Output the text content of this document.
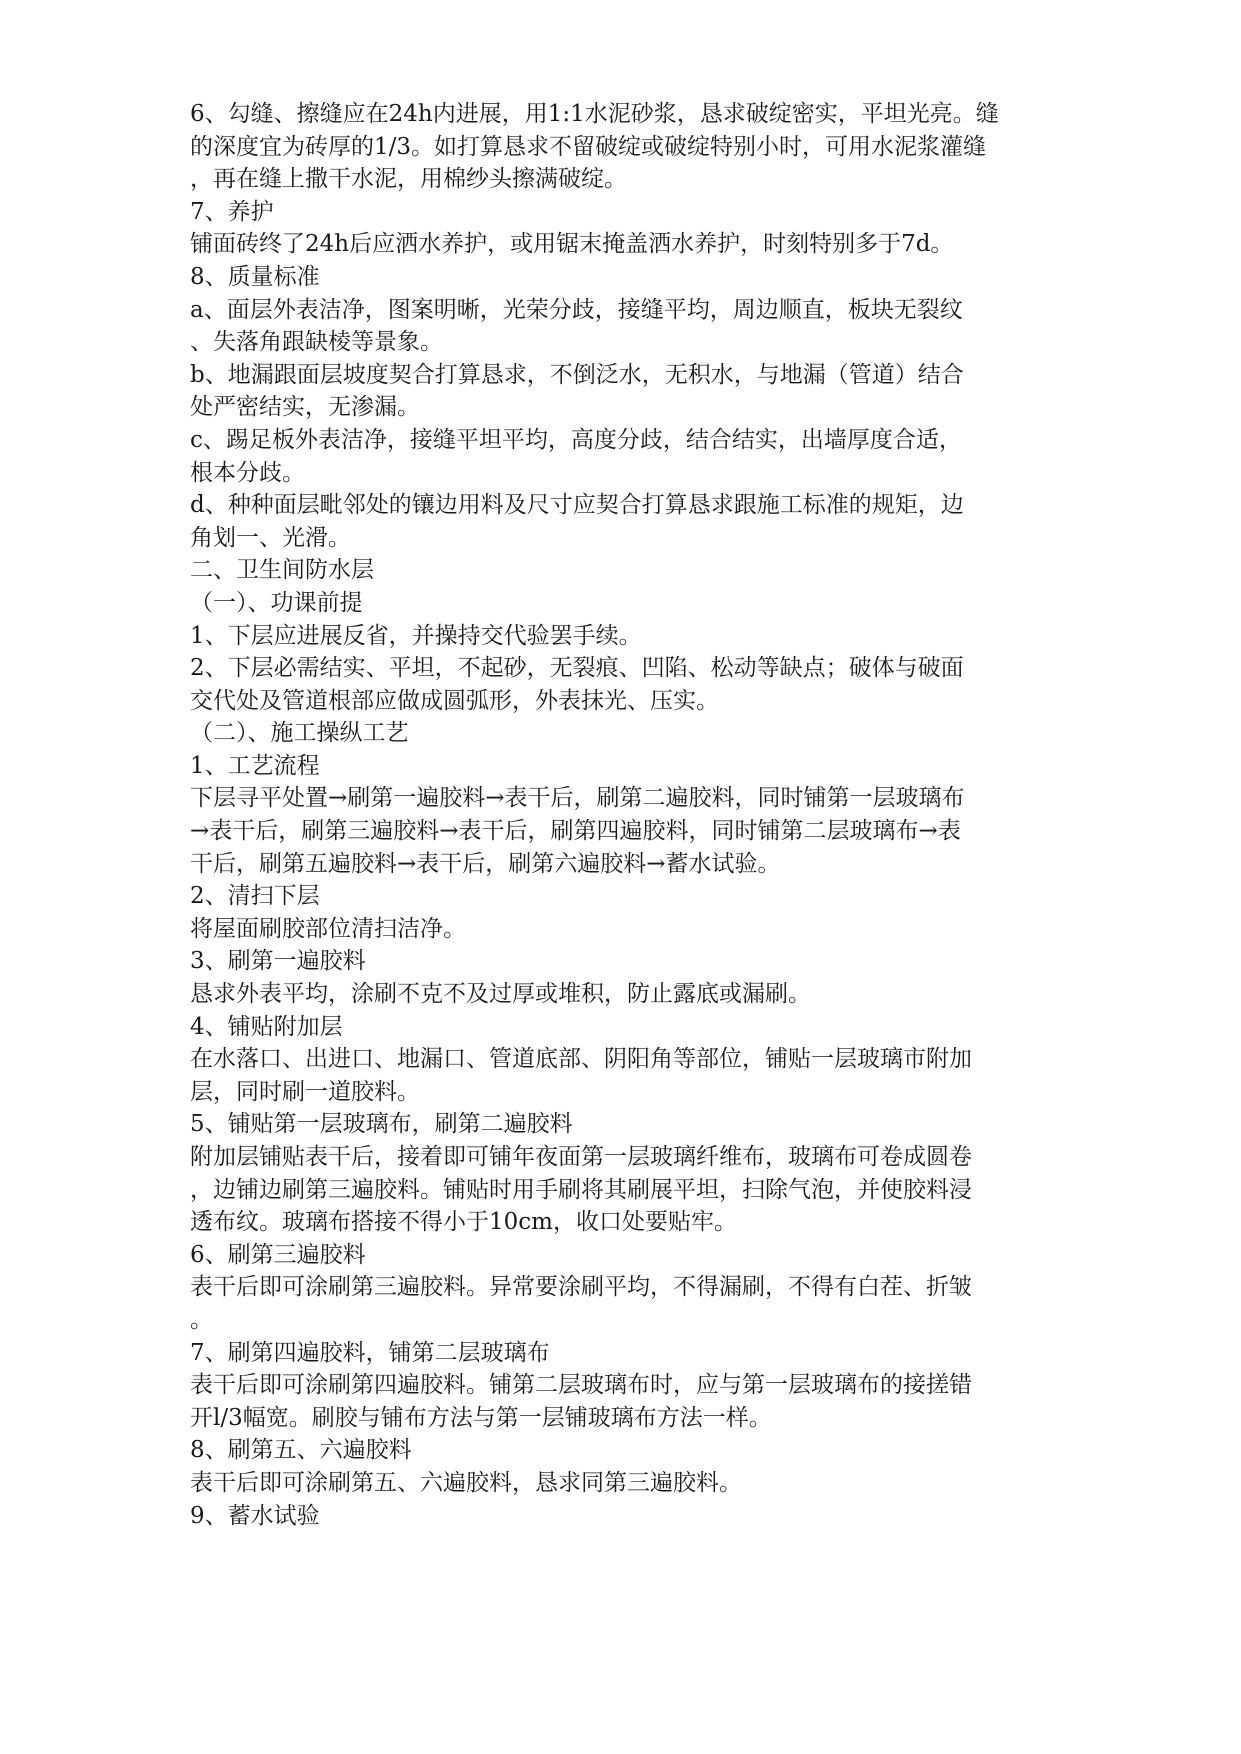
6、勾缝、擦缝应在24h内进展，用1:1水泥砂浆，恳求破绽密实，平坦光亮。缝
的深度宜为砖厚的1/3。如打算恳求不留破绽或破绽特别小时，可用水泥浆灌缝
，再在缝上撒干水泥，用棉纱头擦满破绽。
7、养护
铺面砖终了24h后应洒水养护，或用锯末掩盖洒水养护，时刻特别多于7d。
8、质量标准
a、面层外表洁净，图案明晰，光荣分歧，接缝平均，周边顺直，板块无裂纹
、失落角跟缺棱等景象。
b、地漏跟面层坡度契合打算恳求，不倒泛水，无积水，与地漏（管道）结合
处严密结实，无渗漏。
c、踢足板外表洁净，接缝平坦平均，高度分歧，结合结实，出墙厚度合适，
根本分歧。
d、种种面层毗邻处的镶边用料及尺寸应契合打算恳求跟施工标准的规矩，边
角划一、光滑。
二、卫生间防水层
（一）、功课前提
1、下层应进展反省，并操持交代验罢手续。
2、下层必需结实、平坦，不起砂，无裂痕、凹陷、松动等缺点；破体与破面
交代处及管道根部应做成圆弧形，外表抹光、压实。
（二）、施工操纵工艺
1、工艺流程
下层寻平处置→刷第一遍胶料→表干后，刷第二遍胶料，同时铺第一层玻璃布
→表干后，刷第三遍胶料→表干后，刷第四遍胶料，同时铺第二层玻璃布→表
干后，刷第五遍胶料→表干后，刷第六遍胶料→蓄水试验。
2、清扫下层
将屋面刷胶部位清扫洁净。
3、刷第一遍胶料
恳求外表平均，涂刷不克不及过厚或堆积，防止露底或漏刷。
4、铺贴附加层
在水落口、出进口、地漏口、管道底部、阴阳角等部位，铺贴一层玻璃市附加
层，同时刷一道胶料。
5、铺贴第一层玻璃布，刷第二遍胶料
附加层铺贴表干后，接着即可铺年夜面第一层玻璃纤维布，玻璃布可卷成圆卷
，边铺边刷第三遍胶料。铺贴时用手刷将其刷展平坦，扫除气泡，并使胶料浸
透布纹。玻璃布搭接不得小于10cm，收口处要贴牢。
6、刷第三遍胶料
表干后即可涂刷第三遍胶料。异常要涂刷平均，不得漏刷，不得有白茬、折皱
。
7、刷第四遍胶料，铺第二层玻璃布
表干后即可涂刷第四遍胶料。铺第二层玻璃布时，应与第一层玻璃布的接搓错
开l/3幅宽。刷胶与铺布方法与第一层铺玻璃布方法一样。
8、刷第五、六遍胶料
表干后即可涂刷第五、六遍胶料，恳求同第三遍胶料。
9、蓄水试验
